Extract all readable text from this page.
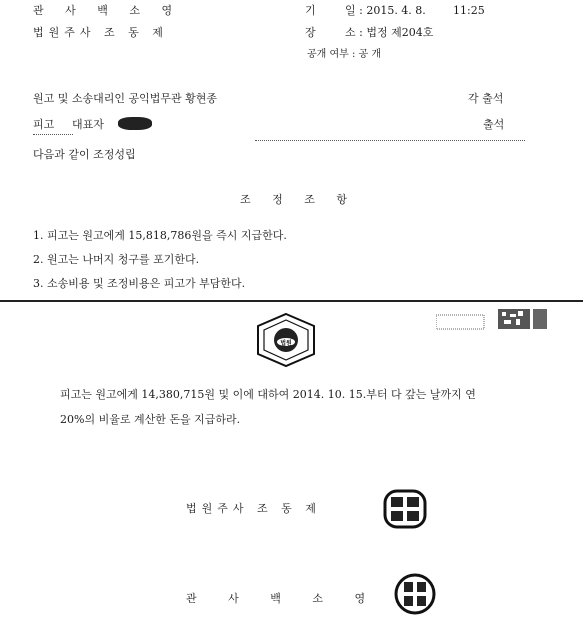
관 사 백 소 영
법원주사 조 동 제
기	일 : 2015. 4. 8. 11:25
장	소 : 법정 제204호
공개 여부 : 공 개
원고 및 소송대리인 공익법무관 황현종	각 출석
피고 대표자	출석
다음과 같이 조정성립
조 정 조 항
1. 피고는 원고에게 15,818,786원을 즉시 지급한다.
2. 원고는 나머지 청구를 포기한다.
3. 소송비용 및 조정비용은 피고가 부담한다.
법원
피고는 원고에게 14,380,715원 및 이에 대하여 2014. 10. 15.부터 다 갚는 날까지 연
20%의 비율로 계산한 돈을 지급하라.
법원주사 조 동 제
관 사 백 소 영
